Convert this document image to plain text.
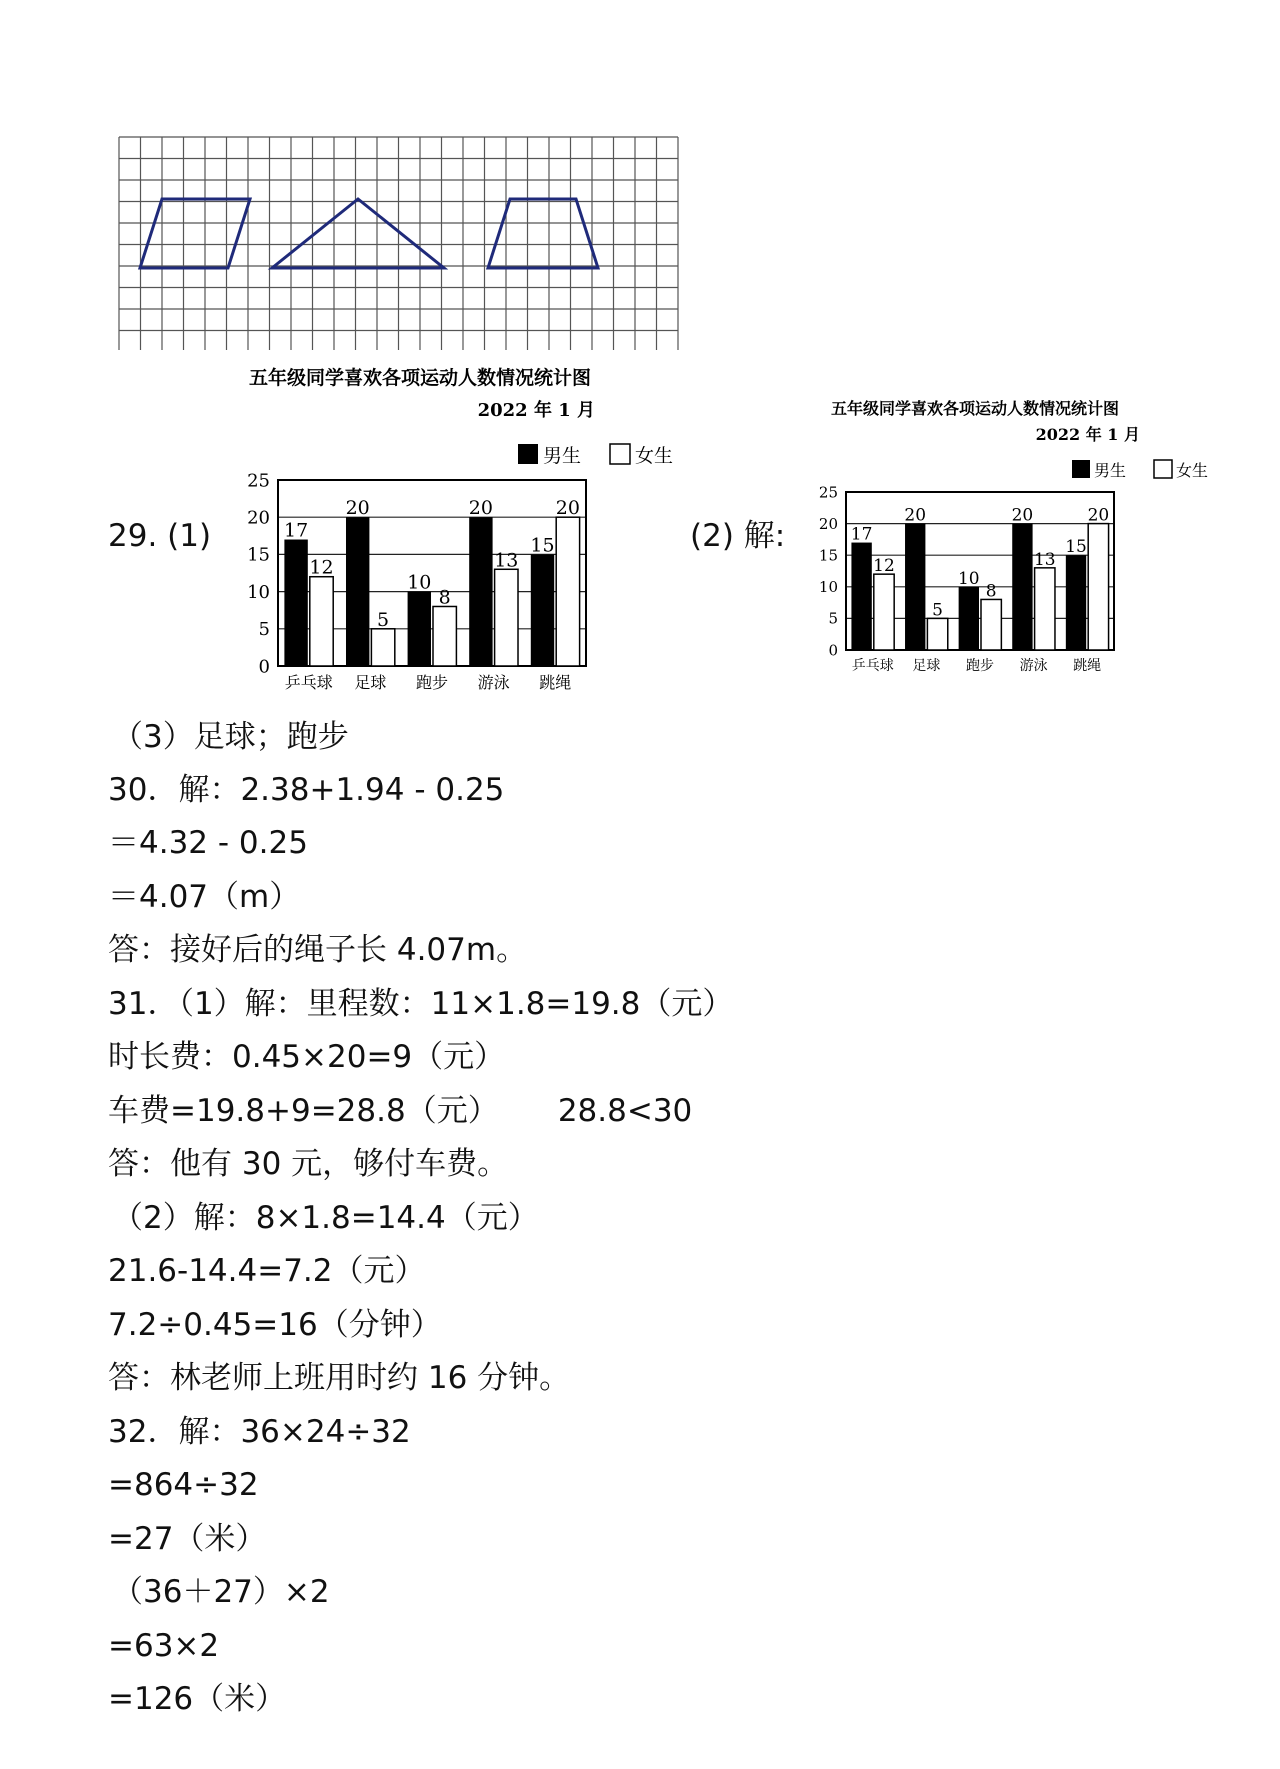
五年级同学喜欢各项运动人数情况统计图
2022 年 1 月
男生	女生
0
5
10
15
20
25
17
12
乒乓球
20
5
足球
10
8
跑步
20
13
游泳
15
20
跳绳
五年级同学喜欢各项运动人数情况统计图
2022 年 1 月
男生	女生
0
5
10
15
20
25
17
12
乒乓球
20
5
足球
10
8
跑步
20
13
游泳
15
20
跳绳
29. (1)	(2) 解:
（3）足球；跑步
30．解：2.38+1.94 - 0.25
＝4.32 - 0.25
＝4.07（m）
答：接好后的绳子长 4.07m。
31．（1）解：里程数：11×1.8=19.8（元）
时长费：0.45×20=9（元）
车费=19.8+9=28.8（元）      28.8<30
答：他有 30 元，够付车费。
（2）解：8×1.8=14.4（元）
21.6-14.4=7.2（元）
7.2÷0.45=16（分钟）
答：林老师上班用时约 16 分钟。
32．解：36×24÷32
=864÷32
=27（米）
（36＋27）×2
=63×2
=126（米）
